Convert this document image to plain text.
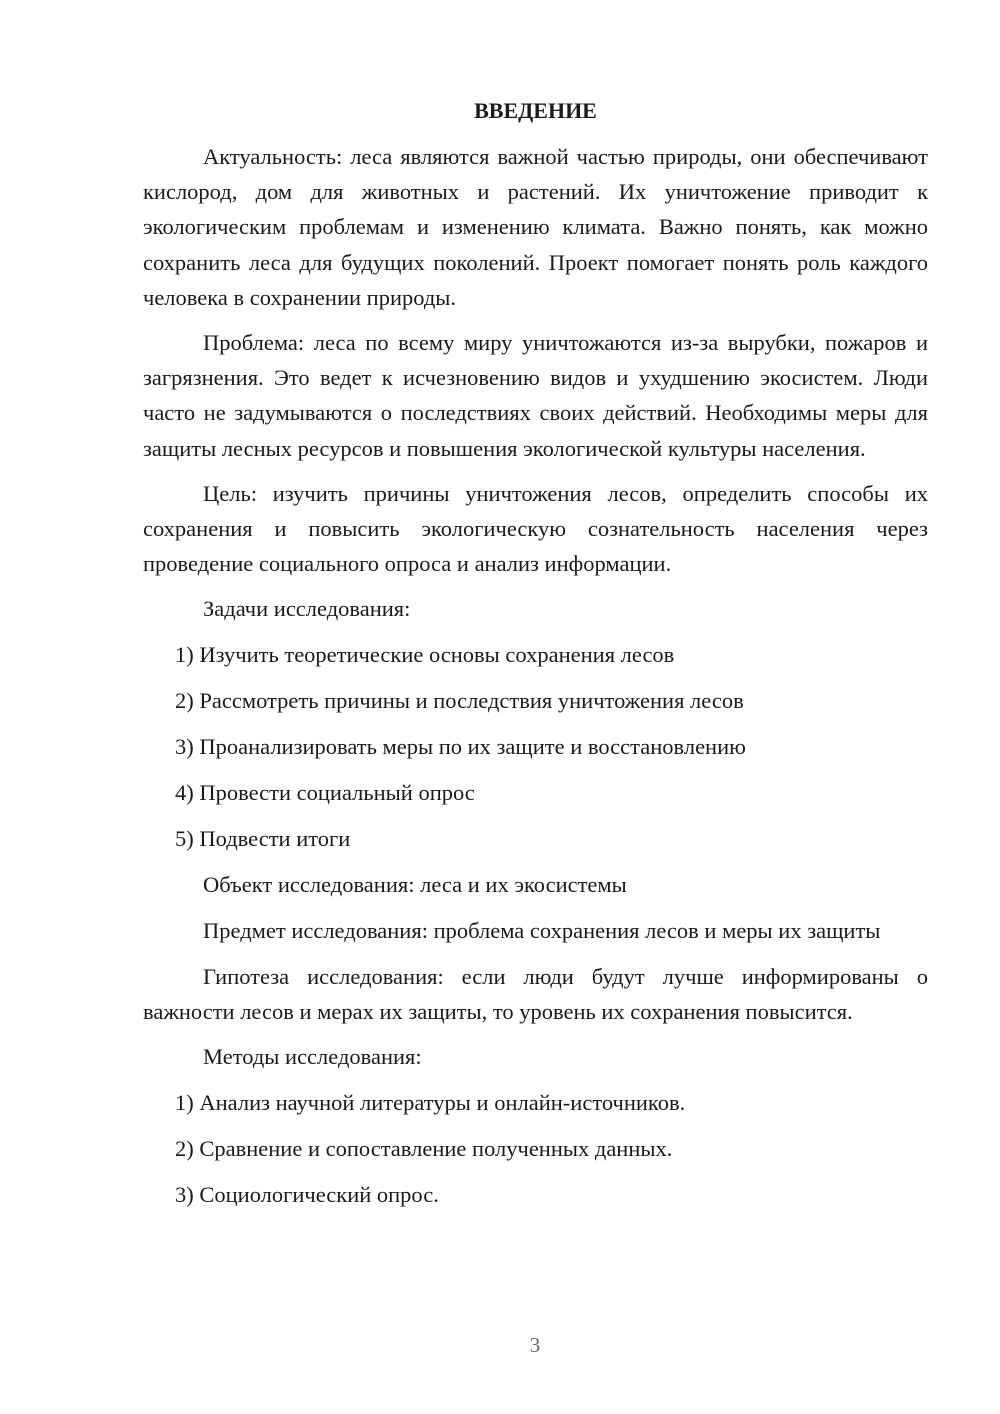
ВВЕДЕНИЕ

Актуальность: леса являются важной частью природы, они обеспечивают кислород, дом для животных и растений. Их уничтожение приводит к экологическим проблемам и изменению климата. Важно понять, как можно сохранить леса для будущих поколений. Проект помогает понять роль каждого человека в сохранении природы.

Проблема: леса по всему миру уничтожаются из-за вырубки, пожаров и загрязнения. Это ведет к исчезновению видов и ухудшению экосистем. Люди часто не задумываются о последствиях своих действий. Необходимы меры для защиты лесных ресурсов и повышения экологической культуры населения.

Цель: изучить причины уничтожения лесов, определить способы их сохранения и повысить экологическую сознательность населения через проведение социального опроса и анализ информации.

Задачи исследования:
1) Изучить теоретические основы сохранения лесов
2) Рассмотреть причины и последствия уничтожения лесов
3) Проанализировать меры по их защите и восстановлению
4) Провести социальный опрос
5) Подвести итоги
Объект исследования: леса и их экосистемы

Предмет исследования: проблема сохранения лесов и меры их защиты

Гипотеза исследования: если люди будут лучше информированы о важности лесов и мерах их защиты, то уровень их сохранения повысится.

Методы исследования:
1) Анализ научной литературы и онлайн-источников.
2) Сравнение и сопоставление полученных данных.
3) Социологический опрос.
3
